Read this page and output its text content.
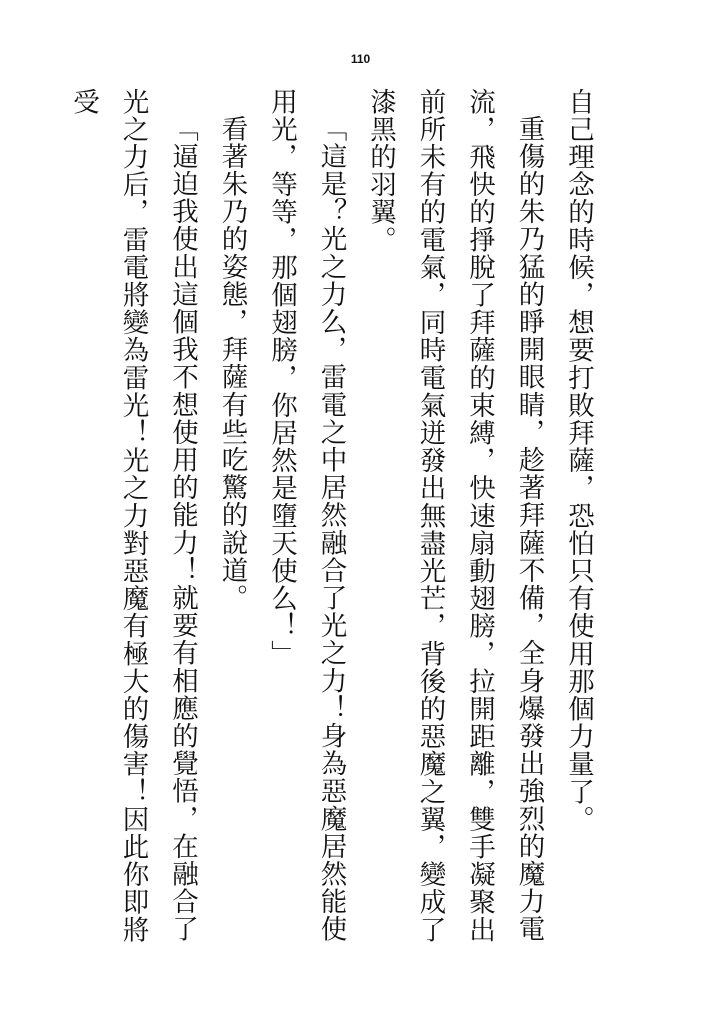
110

自己理念的時候，想要打敗拜薩，恐怕只有使用那個力量了。

重傷的朱乃猛的睜開眼睛，趁著拜薩不備，全身爆發出強烈的魔力電流，飛快的掙脫了拜薩的束縛，快速扇動翅膀，拉開距離，雙手凝聚出前所未有的電氣，同時電氣迸發出無盡光芒，背後的惡魔之翼，變成了漆黑的羽翼。

「這是？光之力么，雷電之中居然融合了光之力！身為惡魔居然能使用光，等等，那個翅膀，你居然是墮天使么！」

看著朱乃的姿態，拜薩有些吃驚的說道。

「逼迫我使出這個我不想使用的能力！就要有相應的覺悟，在融合了光之力后，雷電將變為雷光！光之力對惡魔有極大的傷害！因此你即將受
